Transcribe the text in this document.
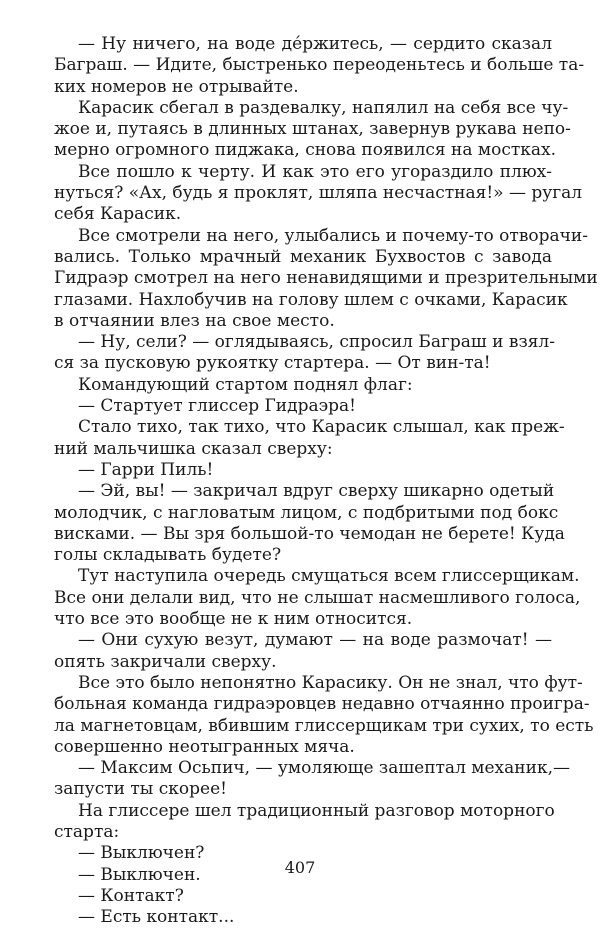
— Ну ничего, на воде де́ржитесь, — сердито сказал
Баграш. — Идите, быстренько переоденьтесь и больше та-
ких номеров не отрывайте.

Карасик сбегал в раздевалку, напялил на себя все чу-
жое и, путаясь в длинных штанах, завернув рукава непо-
мерно огромного пиджака, снова появился на мостках.

Все пошло к черту. И как это его угораздило плюх-
нуться? «Ах, будь я проклят, шляпа несчастная!» — ругал
себя Карасик.

Все смотрели на него, улыбались и почему-то отворачи-
вались. Только мрачный механик Бухвостов с завода
Гидраэр смотрел на него ненавидящими и презрительными
глазами. Нахлобучив на голову шлем с очками, Карасик
в отчаянии влез на свое место.

— Ну, сели? — оглядываясь, спросил Баграш и взял-
ся за пусковую рукоятку стартера. — От вин-та!

Командующий стартом поднял флаг:

— Стартует глиссер Гидраэра!

Стало тихо, так тихо, что Карасик слышал, как преж-
ний мальчишка сказал сверху:

— Гарри Пиль!

— Эй, вы! — закричал вдруг сверху шикарно одетый
молодчик, с нагловатым лицом, с подбритыми под бокс
висками. — Вы зря большой-то чемодан не берете! Куда
голы складывать будете?

Тут наступила очередь смущаться всем глиссерщикам.
Все они делали вид, что не слышат насмешливого голоса,
что все это вообще не к ним относится.

— Они сухую везут, думают — на воде размочат! —
опять закричали сверху.

Все это было непонятно Карасику. Он не знал, что фут-
больная команда гидраэровцев недавно отчаянно проигра-
ла магнетовцам, вбившим глиссерщикам три сухих, то есть
совершенно неотыгранных мяча.

— Максим Осьпич, — умоляюще зашептал механик,—
запусти ты скорее!

На глиссере шел традиционный разговор моторного
старта:

— Выключен?

— Выключен.

— Контакт?

— Есть контакт...

407
